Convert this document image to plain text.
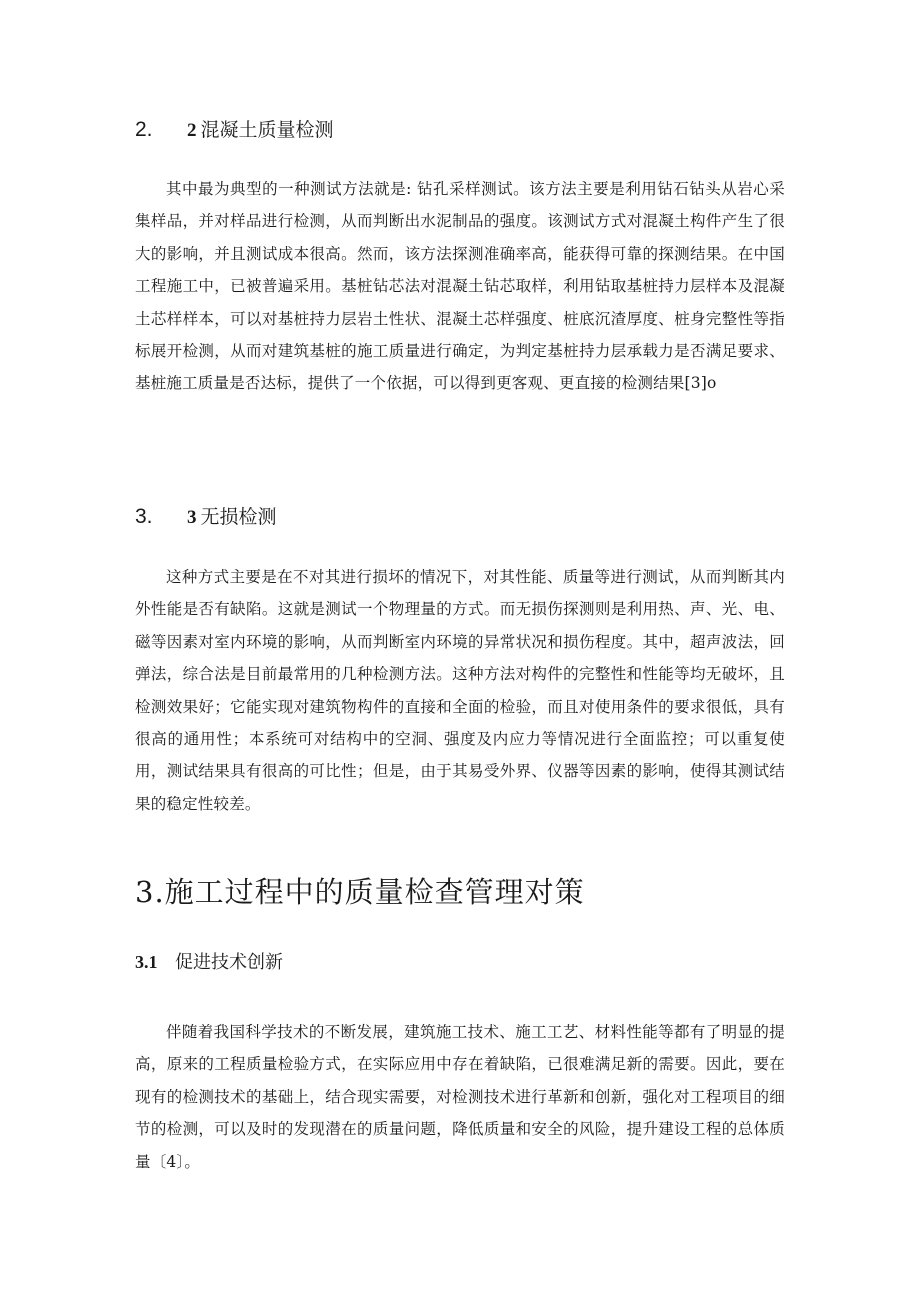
2. 2 混凝土质量检测

其中最为典型的一种测试方法就是: 钻孔采样测试。该方法主要是利用钻石钻头从岩心采集样品，并对样品进行检测，从而判断出水泥制品的强度。该测试方式对混凝土构件产生了很大的影响，并且测试成本很高。然而，该方法探测准确率高，能获得可靠的探测结果。在中国工程施工中，已被普遍采用。基桩钻芯法对混凝土钻芯取样，利用钻取基桩持力层样本及混凝土芯样样本，可以对基桩持力层岩土性状、混凝土芯样强度、桩底沉渣厚度、桩身完整性等指标展开检测，从而对建筑基桩的施工质量进行确定，为判定基桩持力层承载力是否满足要求、基桩施工质量是否达标，提供了一个依据，可以得到更客观、更直接的检测结果[3]o

3. 3 无损检测

这种方式主要是在不对其进行损坏的情况下，对其性能、质量等进行测试，从而判断其内外性能是否有缺陷。这就是测试一个物理量的方式。而无损伤探测则是利用热、声、光、电、磁等因素对室内环境的影响，从而判断室内环境的异常状况和损伤程度。其中，超声波法，回弹法，综合法是目前最常用的几种检测方法。这种方法对构件的完整性和性能等均无破坏，且检测效果好；它能实现对建筑物构件的直接和全面的检验，而且对使用条件的要求很低，具有很高的通用性；本系统可对结构中的空洞、强度及内应力等情况进行全面监控；可以重复使用，测试结果具有很高的可比性；但是，由于其易受外界、仪器等因素的影响，使得其测试结果的稳定性较差。

3.施工过程中的质量检查管理对策
3.1 促进技术创新

伴随着我国科学技术的不断发展，建筑施工技术、施工工艺、材料性能等都有了明显的提高，原来的工程质量检验方式，在实际应用中存在着缺陷，已很难满足新的需要。因此，要在现有的检测技术的基础上，结合现实需要，对检测技术进行革新和创新，强化对工程项目的细节的检测，可以及时的发现潜在的质量问题，降低质量和安全的风险，提升建设工程的总体质量〔4〕。
